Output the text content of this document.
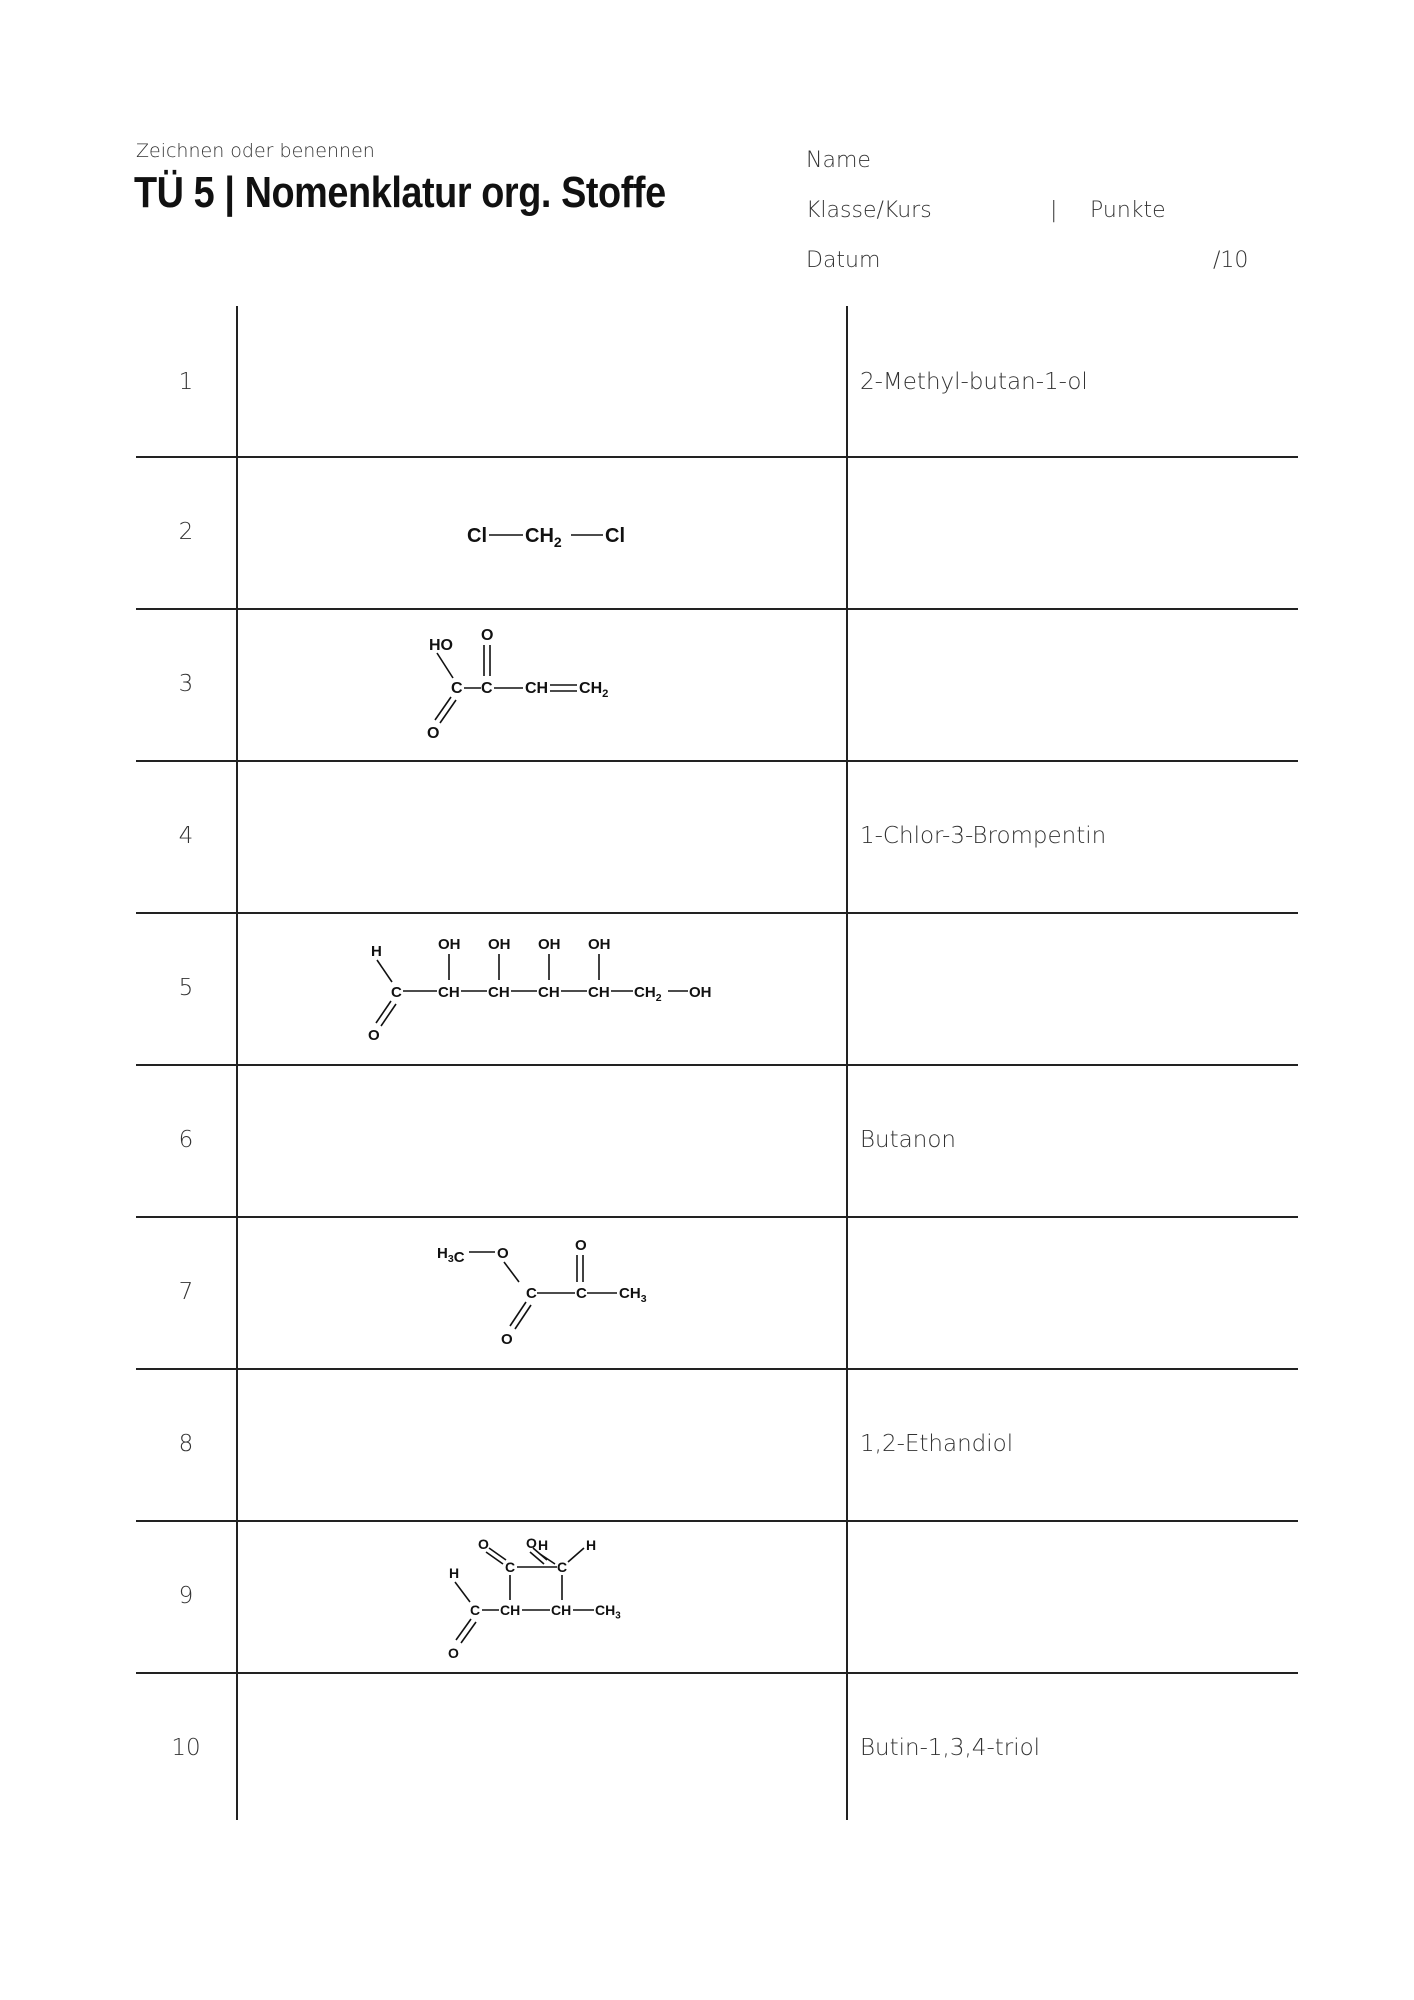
Zeichnen oder benennen
TÜ 5 | Nomenklatur org. Stoffe
Name
Klasse/Kurs	| Punkte
Datum	/10
1	2-Methyl-butan-1-ol
2	Cl $CH_2$ Cl
3
HO
O
C C CH $CH_2$
O
4	1-Chlor-3-Brompentin
5
H	OH OH OH OH
C CH CH CH CH $CH_2$ OH
O
6	Butanon
7
$H_3C$ O	O
C	C $CH_3$
O
8	1,2-Ethandiol
9
O	O H	H
C	C
H
C CH CH $CH_3$
O
10	Butin-1,3,4-triol
